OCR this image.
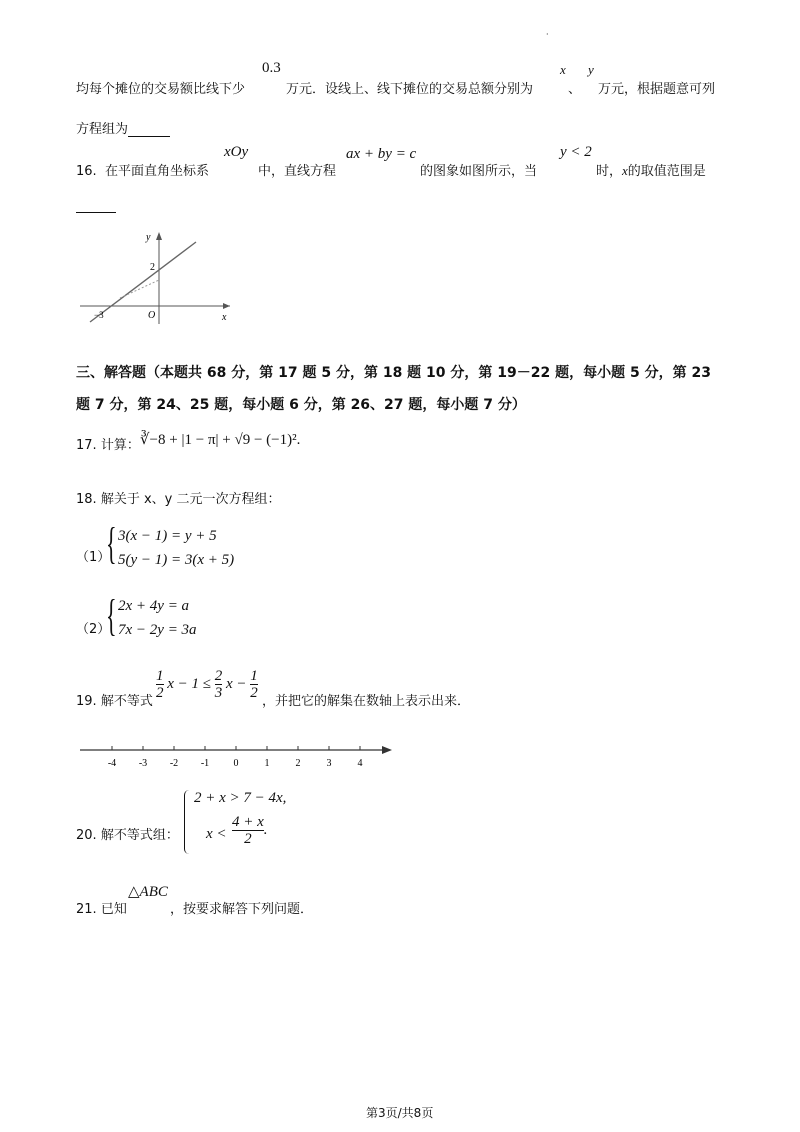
·
均每个摊位的交易额比线下少
0.3
万元．设线上、线下摊位的交易总额分别为
x
、
y
万元，根据题意可列
方程组为
16. 在平面直角坐标系
xOy
中，直线方程
ax + by = c
的图象如图所示，当
y < 2
时，x的取值范围是
y
2
O	x
−3
三、解答题（本题共 68 分，第 17 题 5 分，第 18 题 10 分，第 19－22 题，每小题 5 分，第 23
题 7 分，第 24、25 题，每小题 6 分，第 26、27 题，每小题 7 分）
17. 计算： ∛−8 + |1 − π| + √9 − (−1)².
18. 解关于 x、y 二元一次方程组：
（1）
{ 3(x − 1) = y + 5
5(y − 1) = 3(x + 5)
（2）
{ 2x + 4y = a
7x − 2y = 3a
19. 解不等式
$\frac{1}{2}$ $x - 1 \le \frac{2}{3}$ $x - \frac{1}{2}$
，并把它的解集在数轴上表示出来．
-4 -3 -2 -1 0	1	2	3	4
20. 解不等式组：
2 + x > 7 − 4x,
$x < \frac{4 + x}{2}$ .
21. 已知
△ABC
，按要求解答下列问题．
第3页/共8页
